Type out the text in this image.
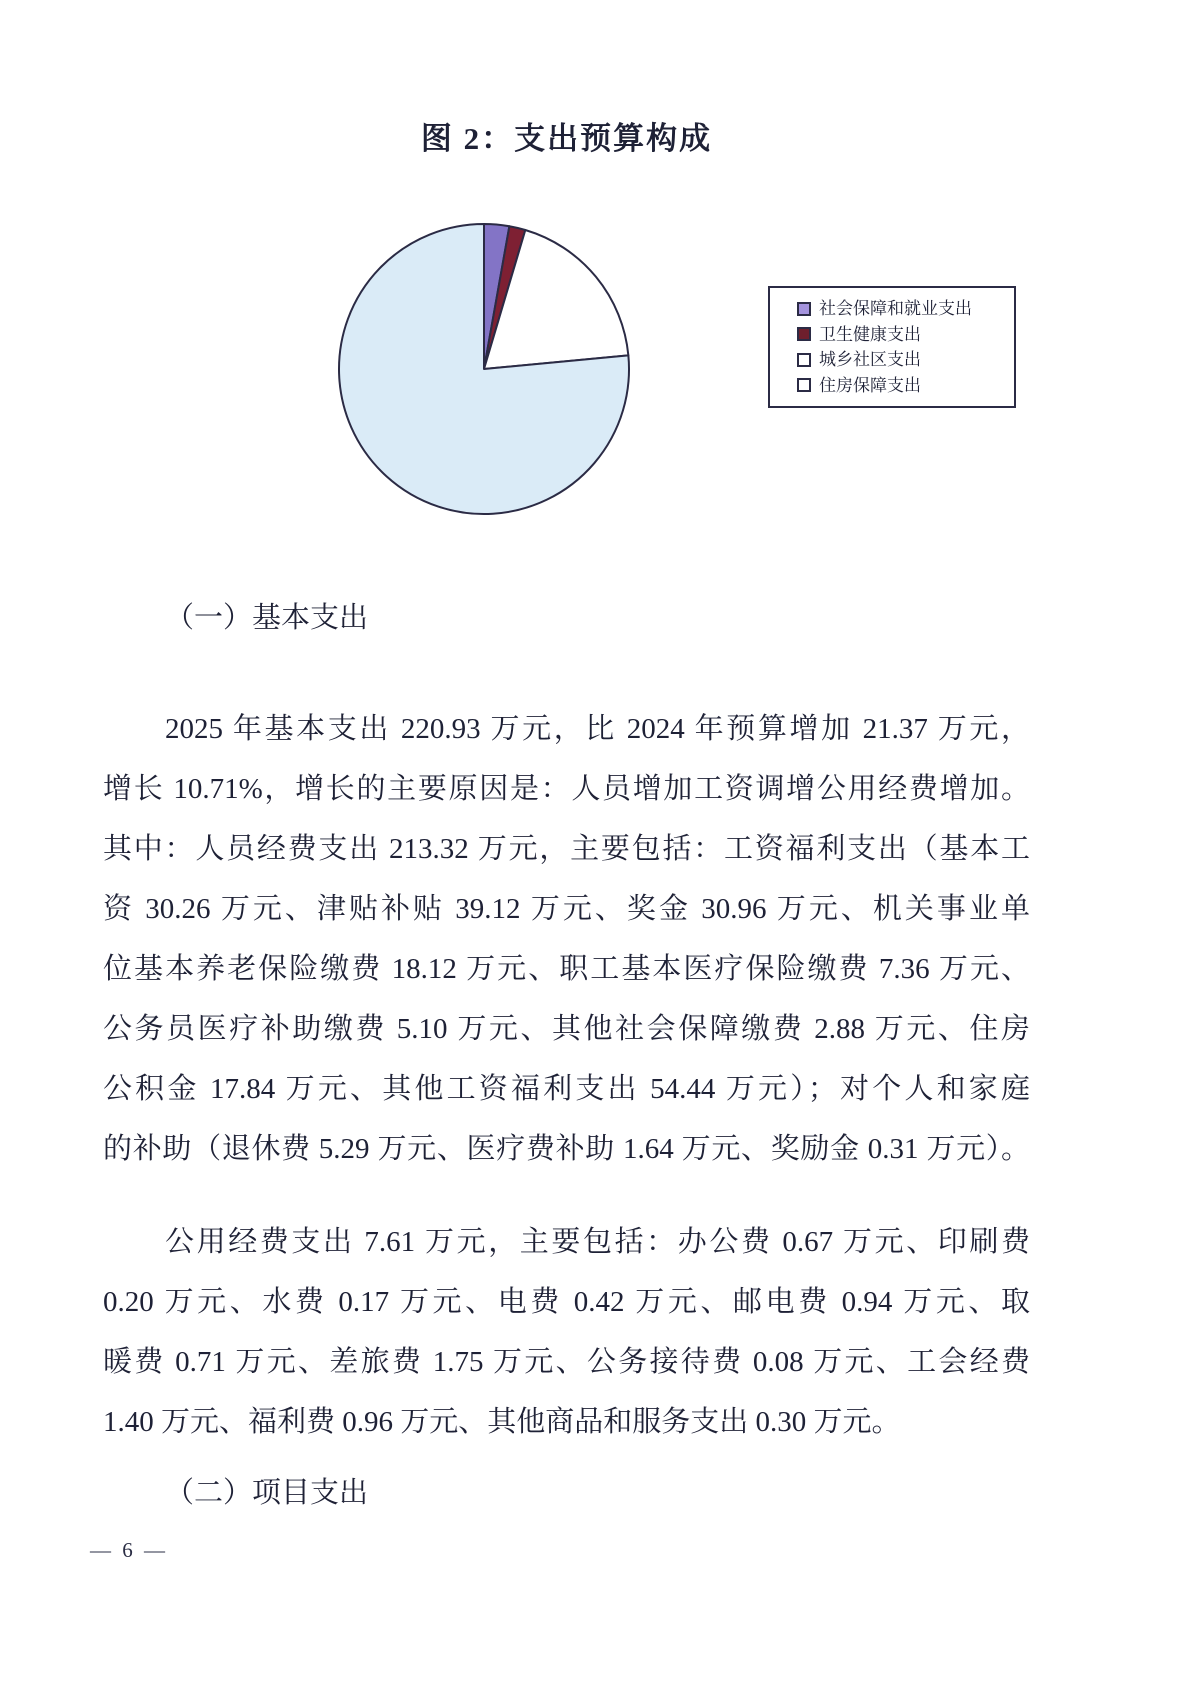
图 2：支出预算构成
社会保障和就业支出
卫生健康支出
城乡社区支出
住房保障支出
（一）基本支出
2025 年基本支出 220.93 万元，比 2024 年预算增加 21.37 万元，
增长 10.71%，增长的主要原因是：人员增加工资调增公用经费增加。
其中：人员经费支出 213.32 万元，主要包括：工资福利支出（基本工
资 30.26 万元、津贴补贴 39.12 万元、奖金 30.96 万元、机关事业单
位基本养老保险缴费 18.12 万元、职工基本医疗保险缴费 7.36 万元、
公务员医疗补助缴费 5.10 万元、其他社会保障缴费 2.88 万元、住房
公积金 17.84 万元、其他工资福利支出 54.44 万元）；对个人和家庭
的补助（退休费 5.29 万元、医疗费补助 1.64 万元、奖励金 0.31 万元）。
公用经费支出 7.61 万元，主要包括：办公费 0.67 万元、印刷费
0.20 万元、水费 0.17 万元、电费 0.42 万元、邮电费 0.94 万元、取
暖费 0.71 万元、差旅费 1.75 万元、公务接待费 0.08 万元、工会经费
1.40 万元、福利费 0.96 万元、其他商品和服务支出 0.30 万元。
（二）项目支出
— 6 —
